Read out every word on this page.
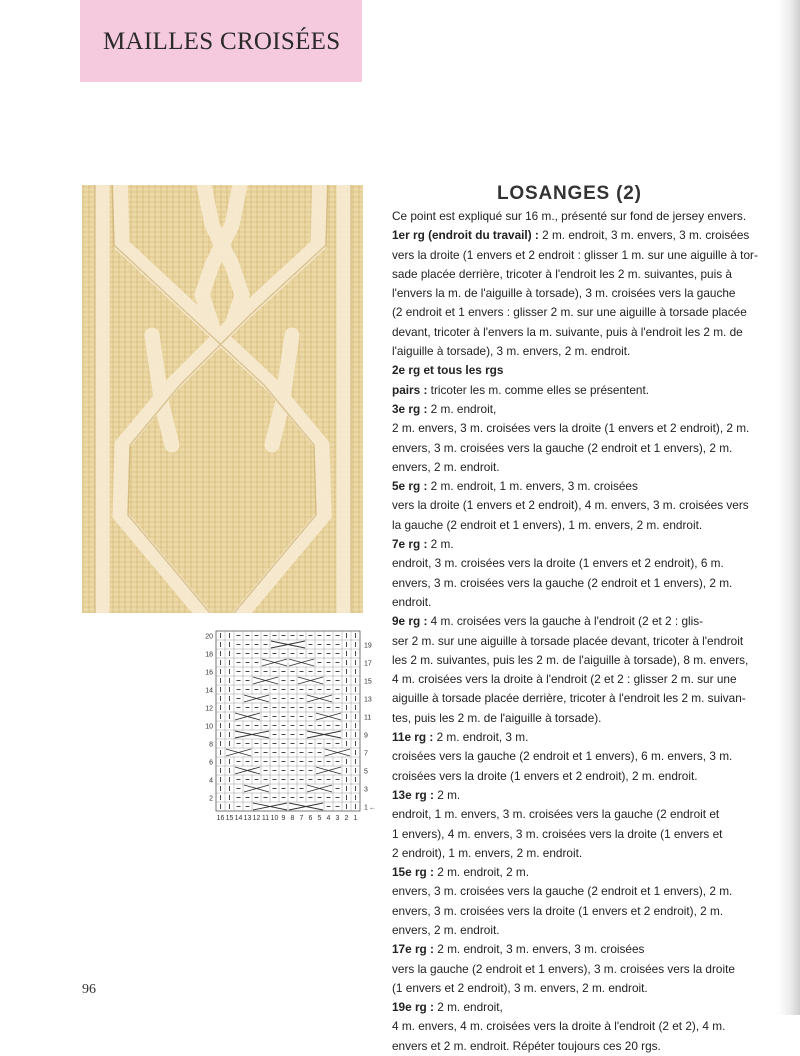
MAILLES CROISÉES
20
18
16
14
12
10
8
6
4
2
19
17
15
13
11
9
7
5
3
1 ←
16 15 14 13 12 11 10 9 8 7 6 5 4 3 2 1
LOSANGES (2)
Ce point est expliqué sur 16 m., présenté sur fond de jersey envers.
1er rg (endroit du travail) : 2 m. endroit, 3 m. envers, 3 m. croisées
vers la droite (1 envers et 2 endroit : glisser 1 m. sur une aiguille à tor-
sade placée derrière, tricoter à l'endroit les 2 m. suivantes, puis à
l'envers la m. de l'aiguille à torsade), 3 m. croisées vers la gauche
(2 endroit et 1 envers : glisser 2 m. sur une aiguille à torsade placée
devant, tricoter à l'envers la m. suivante, puis à l'endroit les 2 m. de
l'aiguille à torsade), 3 m. envers, 2 m. endroit.
2e rg et tous les rgs
pairs : tricoter les m. comme elles se présentent.
3e rg : 2 m. endroit,
2 m. envers, 3 m. croisées vers la droite (1 envers et 2 endroit), 2 m.
envers, 3 m. croisées vers la gauche (2 endroit et 1 envers), 2 m.
envers, 2 m. endroit.
5e rg : 2 m. endroit, 1 m. envers, 3 m. croisées
vers la droite (1 envers et 2 endroit), 4 m. envers, 3 m. croisées vers
la gauche (2 endroit et 1 envers), 1 m. envers, 2 m. endroit.
7e rg : 2 m.
endroit, 3 m. croisées vers la droite (1 envers et 2 endroit), 6 m.
envers, 3 m. croisées vers la gauche (2 endroit et 1 envers), 2 m.
endroit.
9e rg : 4 m. croisées vers la gauche à l'endroit (2 et 2 : glis-
ser 2 m. sur une aiguille à torsade placée devant, tricoter à l'endroit
les 2 m. suivantes, puis les 2 m. de l'aiguille à torsade), 8 m. envers,
4 m. croisées vers la droite à l'endroit (2 et 2 : glisser 2 m. sur une
aiguille à torsade placée derrière, tricoter à l'endroit les 2 m. suivan-
tes, puis les 2 m. de l'aiguille à torsade).
11e rg : 2 m. endroit, 3 m.
croisées vers la gauche (2 endroit et 1 envers), 6 m. envers, 3 m.
croisées vers la droite (1 envers et 2 endroit), 2 m. endroit.
13e rg : 2 m.
endroit, 1 m. envers, 3 m. croisées vers la gauche (2 endroit et
1 envers), 4 m. envers, 3 m. croisées vers la droite (1 envers et
2 endroit), 1 m. envers, 2 m. endroit.
15e rg : 2 m. endroit, 2 m.
envers, 3 m. croisées vers la gauche (2 endroit et 1 envers), 2 m.
envers, 3 m. croisées vers la droite (1 envers et 2 endroit), 2 m.
envers, 2 m. endroit.
17e rg : 2 m. endroit, 3 m. envers, 3 m. croisées
vers la gauche (2 endroit et 1 envers), 3 m. croisées vers la droite
(1 envers et 2 endroit), 3 m. envers, 2 m. endroit.
19e rg : 2 m. endroit,
4 m. envers, 4 m. croisées vers la droite à l'endroit (2 et 2), 4 m.
envers et 2 m. endroit. Répéter toujours ces 20 rgs.
96
